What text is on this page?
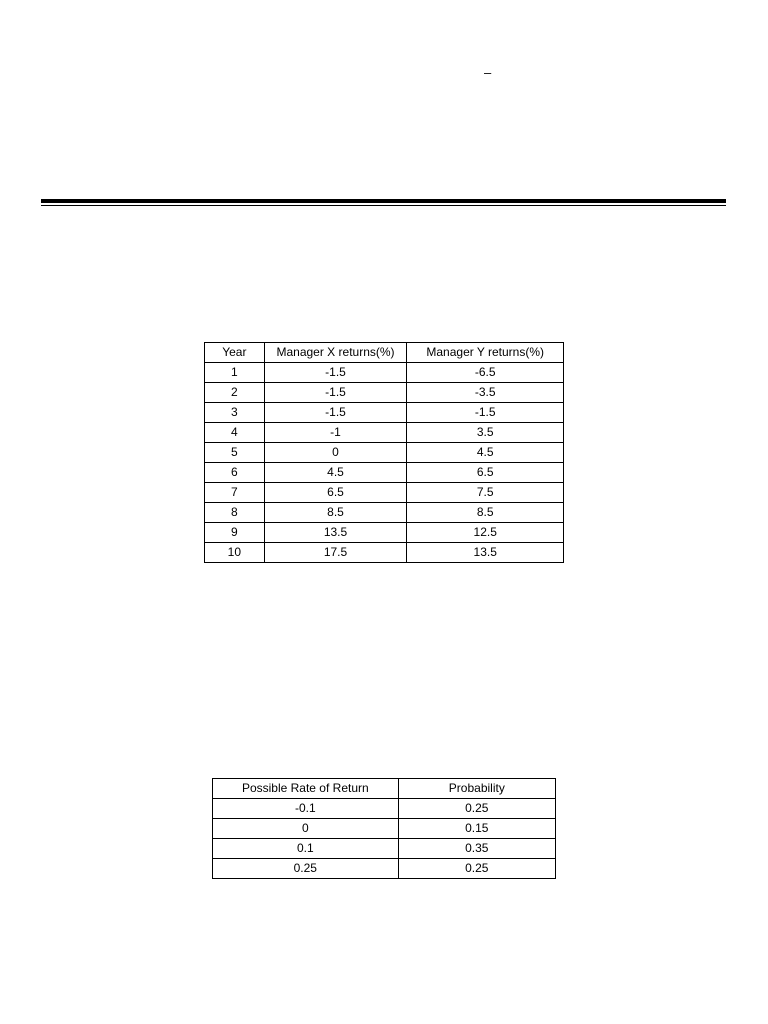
–
Year	Manager X returns(%)	Manager Y returns(%)
1	-1.5	-6.5
2	-1.5	-3.5
3	-1.5	-1.5
4	-1	3.5
5	0	4.5
6	4.5	6.5
7	6.5	7.5
8	8.5	8.5
9	13.5	12.5
10	17.5	13.5
Possible Rate of Return	Probability
-0.1	0.25
0	0.15
0.1	0.35
0.25	0.25
